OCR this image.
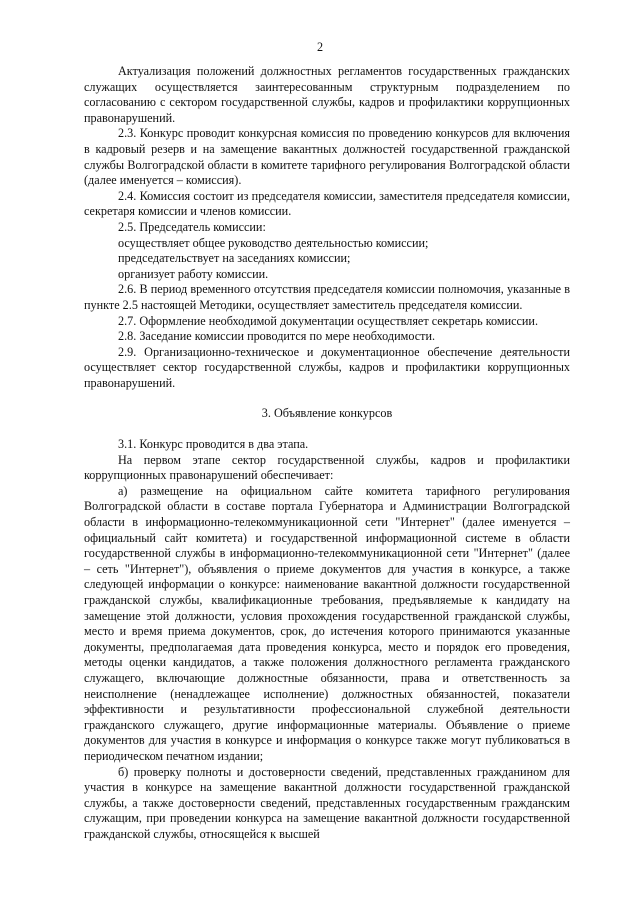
2

Актуализация положений должностных регламентов государственных гражданских служащих осуществляется заинтересованным структурным подразделением по согласованию с сектором государственной службы, кадров и профилактики коррупционных правонарушений.

2.3. Конкурс проводит конкурсная комиссия по проведению конкурсов для включения в кадровый резерв и на замещение вакантных должностей государственной гражданской службы Волгоградской области в комитете тарифного регулирования Волгоградской области (далее именуется – комиссия).

2.4. Комиссия состоит из председателя комиссии, заместителя председателя комиссии, секретаря комиссии и членов комиссии.

2.5. Председатель комиссии:

осуществляет общее руководство деятельностью комиссии;

председательствует на заседаниях комиссии;

организует работу комиссии.

2.6. В период временного отсутствия председателя комиссии полномочия, указанные в пункте 2.5 настоящей Методики, осуществляет заместитель председателя комиссии.

2.7. Оформление необходимой документации осуществляет секретарь комиссии.

2.8. Заседание комиссии проводится по мере необходимости.

2.9. Организационно-техническое и документационное обеспечение деятельности осуществляет сектор государственной службы, кадров и профилактики коррупционных правонарушений.

3. Объявление конкурсов

3.1. Конкурс проводится в два этапа.

На первом этапе сектор государственной службы, кадров и профилактики коррупционных правонарушений обеспечивает:

а) размещение на официальном сайте комитета тарифного регулирования Волгоградской области в составе портала Губернатора и Администрации Волгоградской области в информационно-телекоммуникационной сети "Интернет" (далее именуется – официальный сайт комитета) и государственной информационной системе в области государственной службы в информационно-телекоммуникационной сети "Интернет" (далее – сеть "Интернет"), объявления о приеме документов для участия в конкурсе, а также следующей информации о конкурсе: наименование вакантной должности государственной гражданской службы, квалификационные требования, предъявляемые к кандидату на замещение этой должности, условия прохождения государственной гражданской службы, место и время приема документов, срок, до истечения которого принимаются указанные документы, предполагаемая дата проведения конкурса, место и порядок его проведения, методы оценки кандидатов, а также положения должностного регламента гражданского служащего, включающие должностные обязанности, права и ответственность за неисполнение (ненадлежащее исполнение) должностных обязанностей, показатели эффективности и результативности профессиональной служебной деятельности гражданского служащего, другие информационные материалы. Объявление о приеме документов для участия в конкурсе и информация о конкурсе также могут публиковаться в периодическом печатном издании;

б) проверку полноты и достоверности сведений, представленных гражданином для участия в конкурсе на замещение вакантной должности государственной гражданской службы, а также достоверности сведений, представленных государственным гражданским служащим, при проведении конкурса на замещение вакантной должности государственной гражданской службы, относящейся к высшей
